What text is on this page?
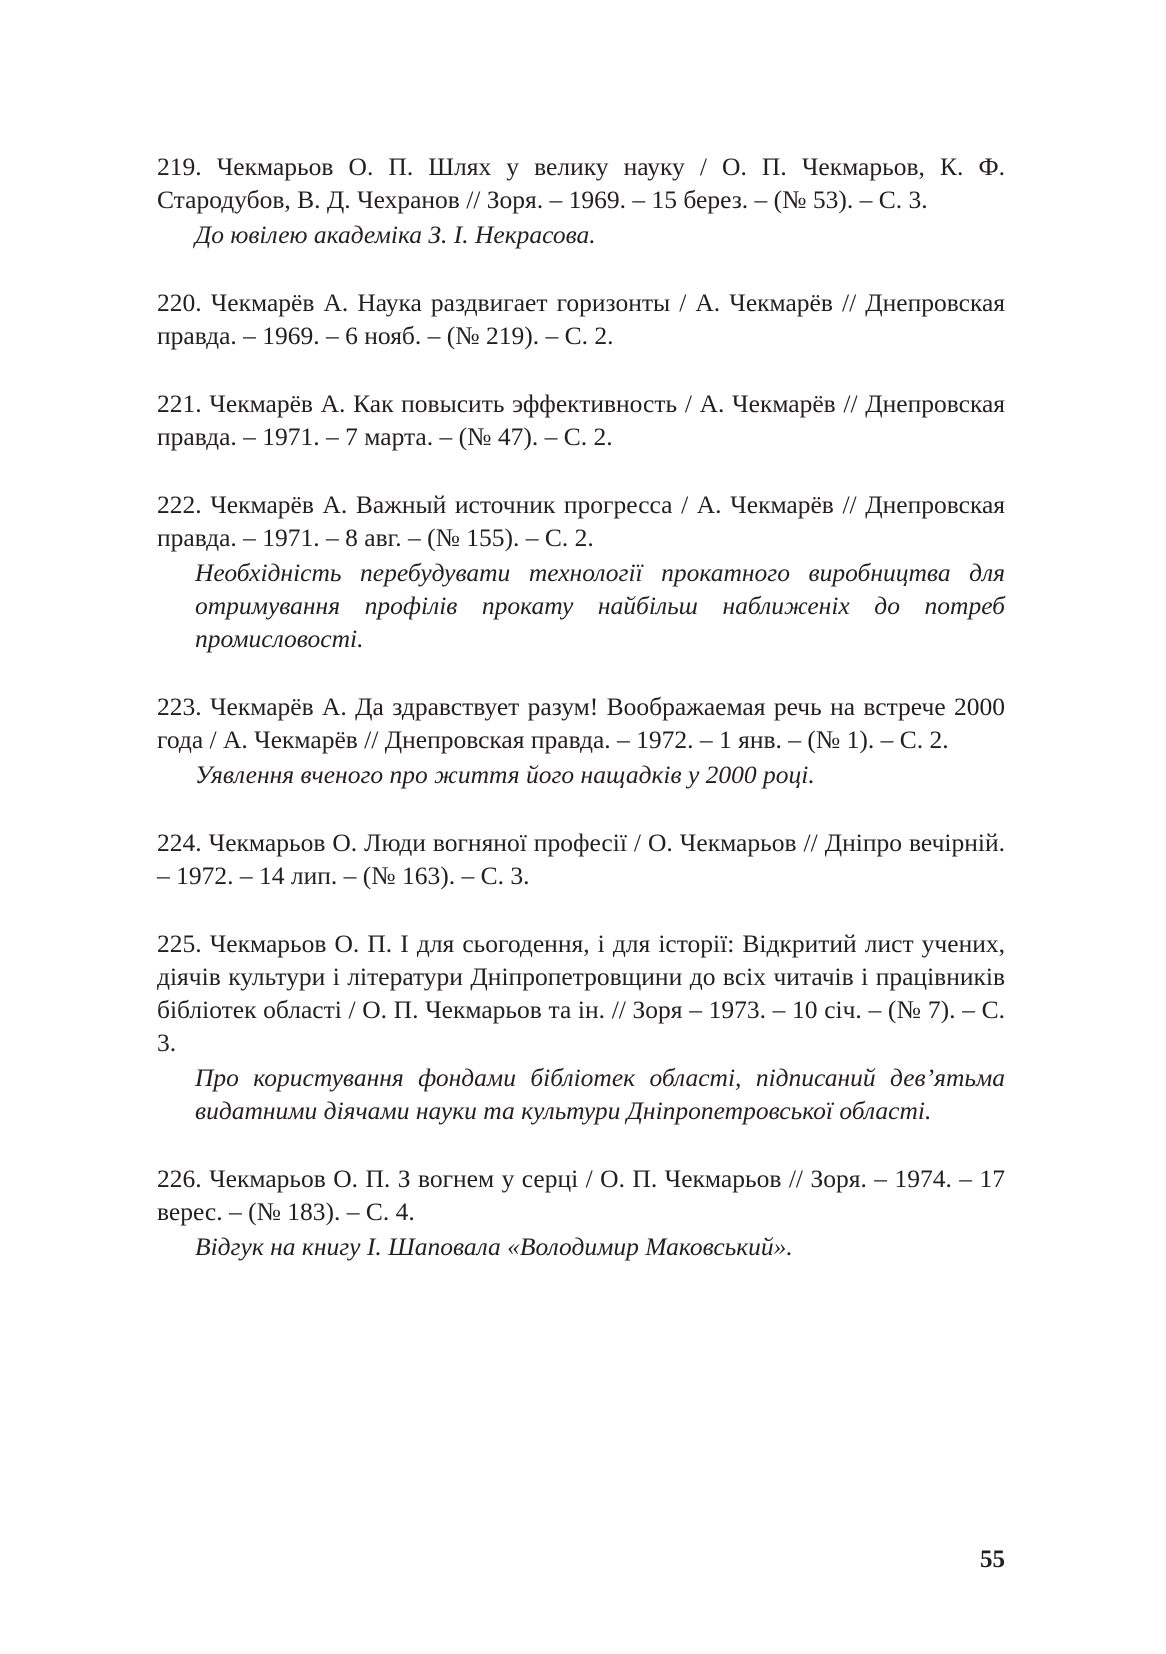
219. Чекмарьов О. П. Шлях у велику науку / О. П. Чекмарьов, К. Ф. Стародубов, В. Д. Чехранов // Зоря. – 1969. – 15 берез. – (№ 53). – С. 3.

До ювілею академіка З. І. Некрасова.

220. Чекмарёв А. Наука раздвигает горизонты / А. Чекмарёв // Днепровская правда. – 1969. – 6 нояб. – (№ 219). – С. 2.

221. Чекмарёв А. Как повысить эффективность / А. Чекмарёв // Днепровская правда. – 1971. – 7 марта. – (№ 47). – С. 2.

222. Чекмарёв А. Важный источник прогресса / А. Чекмарёв // Днепровская правда. – 1971. – 8 авг. – (№ 155). – С. 2.

Необхідність перебудувати технології прокатного виробництва для отримування профілів прокату найбільш наближеніх до потреб промисловості.

223. Чекмарёв А. Да здравствует разум! Воображаемая речь на встрече 2000 года / А. Чекмарёв // Днепровская правда. – 1972. – 1 янв. – (№ 1). – С. 2.

Уявлення вченого про життя його нащадків у 2000 році.

224. Чекмарьов О. Люди вогняної професії / О. Чекмарьов // Дніпро вечірній. – 1972. – 14 лип. – (№ 163). – С. 3.

225. Чекмарьов О. П. І для сьогодення, і для історії: Відкритий лист учених, діячів культури і літератури Дніпропетровщини до всіх читачів і працівників бібліотек області / О. П. Чекмарьов та ін. // Зоря – 1973. – 10 січ. – (№ 7). – С. 3.

Про користування фондами бібліотек області, підписаний дев’ятьма видатними діячами науки та культури Дніпропетровської області.

226. Чекмарьов О. П. З вогнем у серці / О. П. Чекмарьов // Зоря. – 1974. – 17 верес. – (№ 183). – С. 4.

Відгук на книгу І. Шаповала «Володимир Маковський».

55
